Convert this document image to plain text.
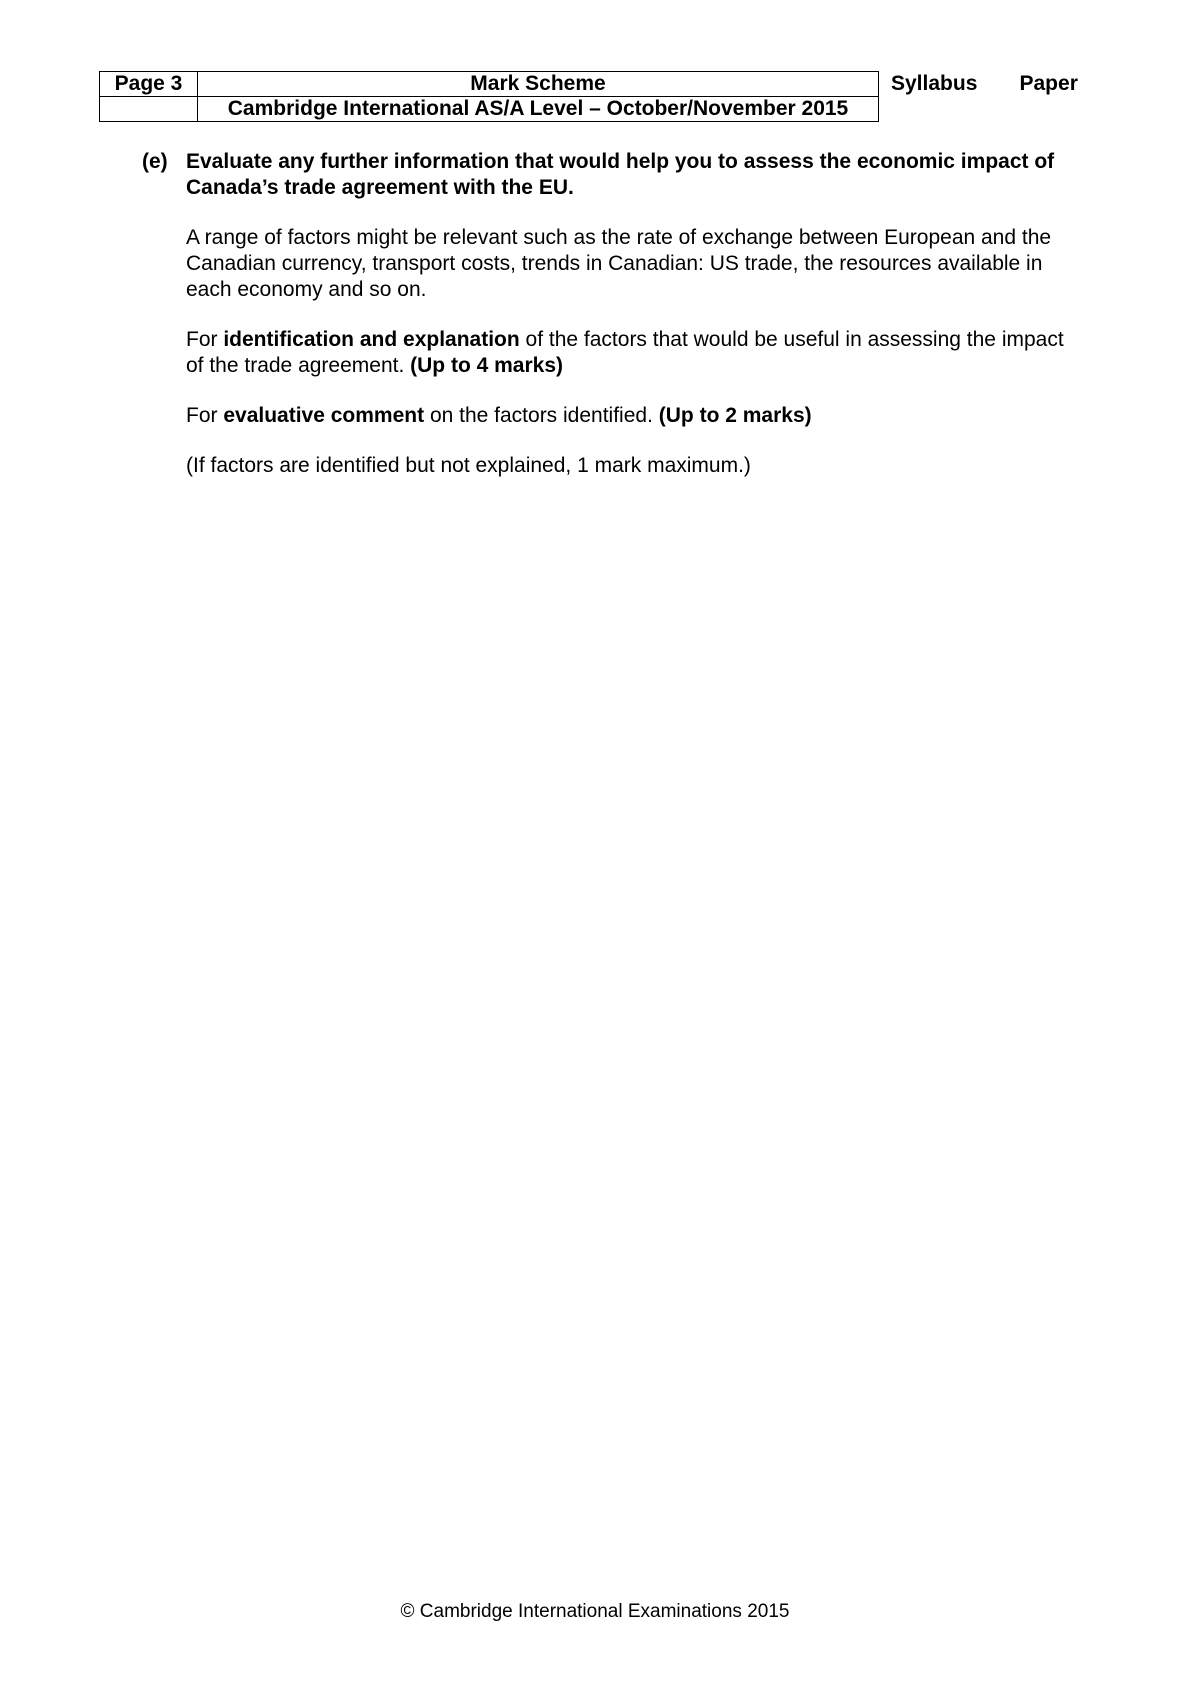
Page 3	Mark Scheme	Syllabus	Paper
	Cambridge International AS/A Level – October/November 2015		
(e) Evaluate any further information that would help you to assess the economic impact of Canada’s trade agreement with the EU.

A range of factors might be relevant such as the rate of exchange between European and the Canadian currency, transport costs, trends in Canadian: US trade, the resources available in each economy and so on.

For identification and explanation of the factors that would be useful in assessing the impact of the trade agreement. (Up to 4 marks)

For evaluative comment on the factors identified. (Up to 2 marks)

(If factors are identified but not explained, 1 mark maximum.)

© Cambridge International Examinations 2015
